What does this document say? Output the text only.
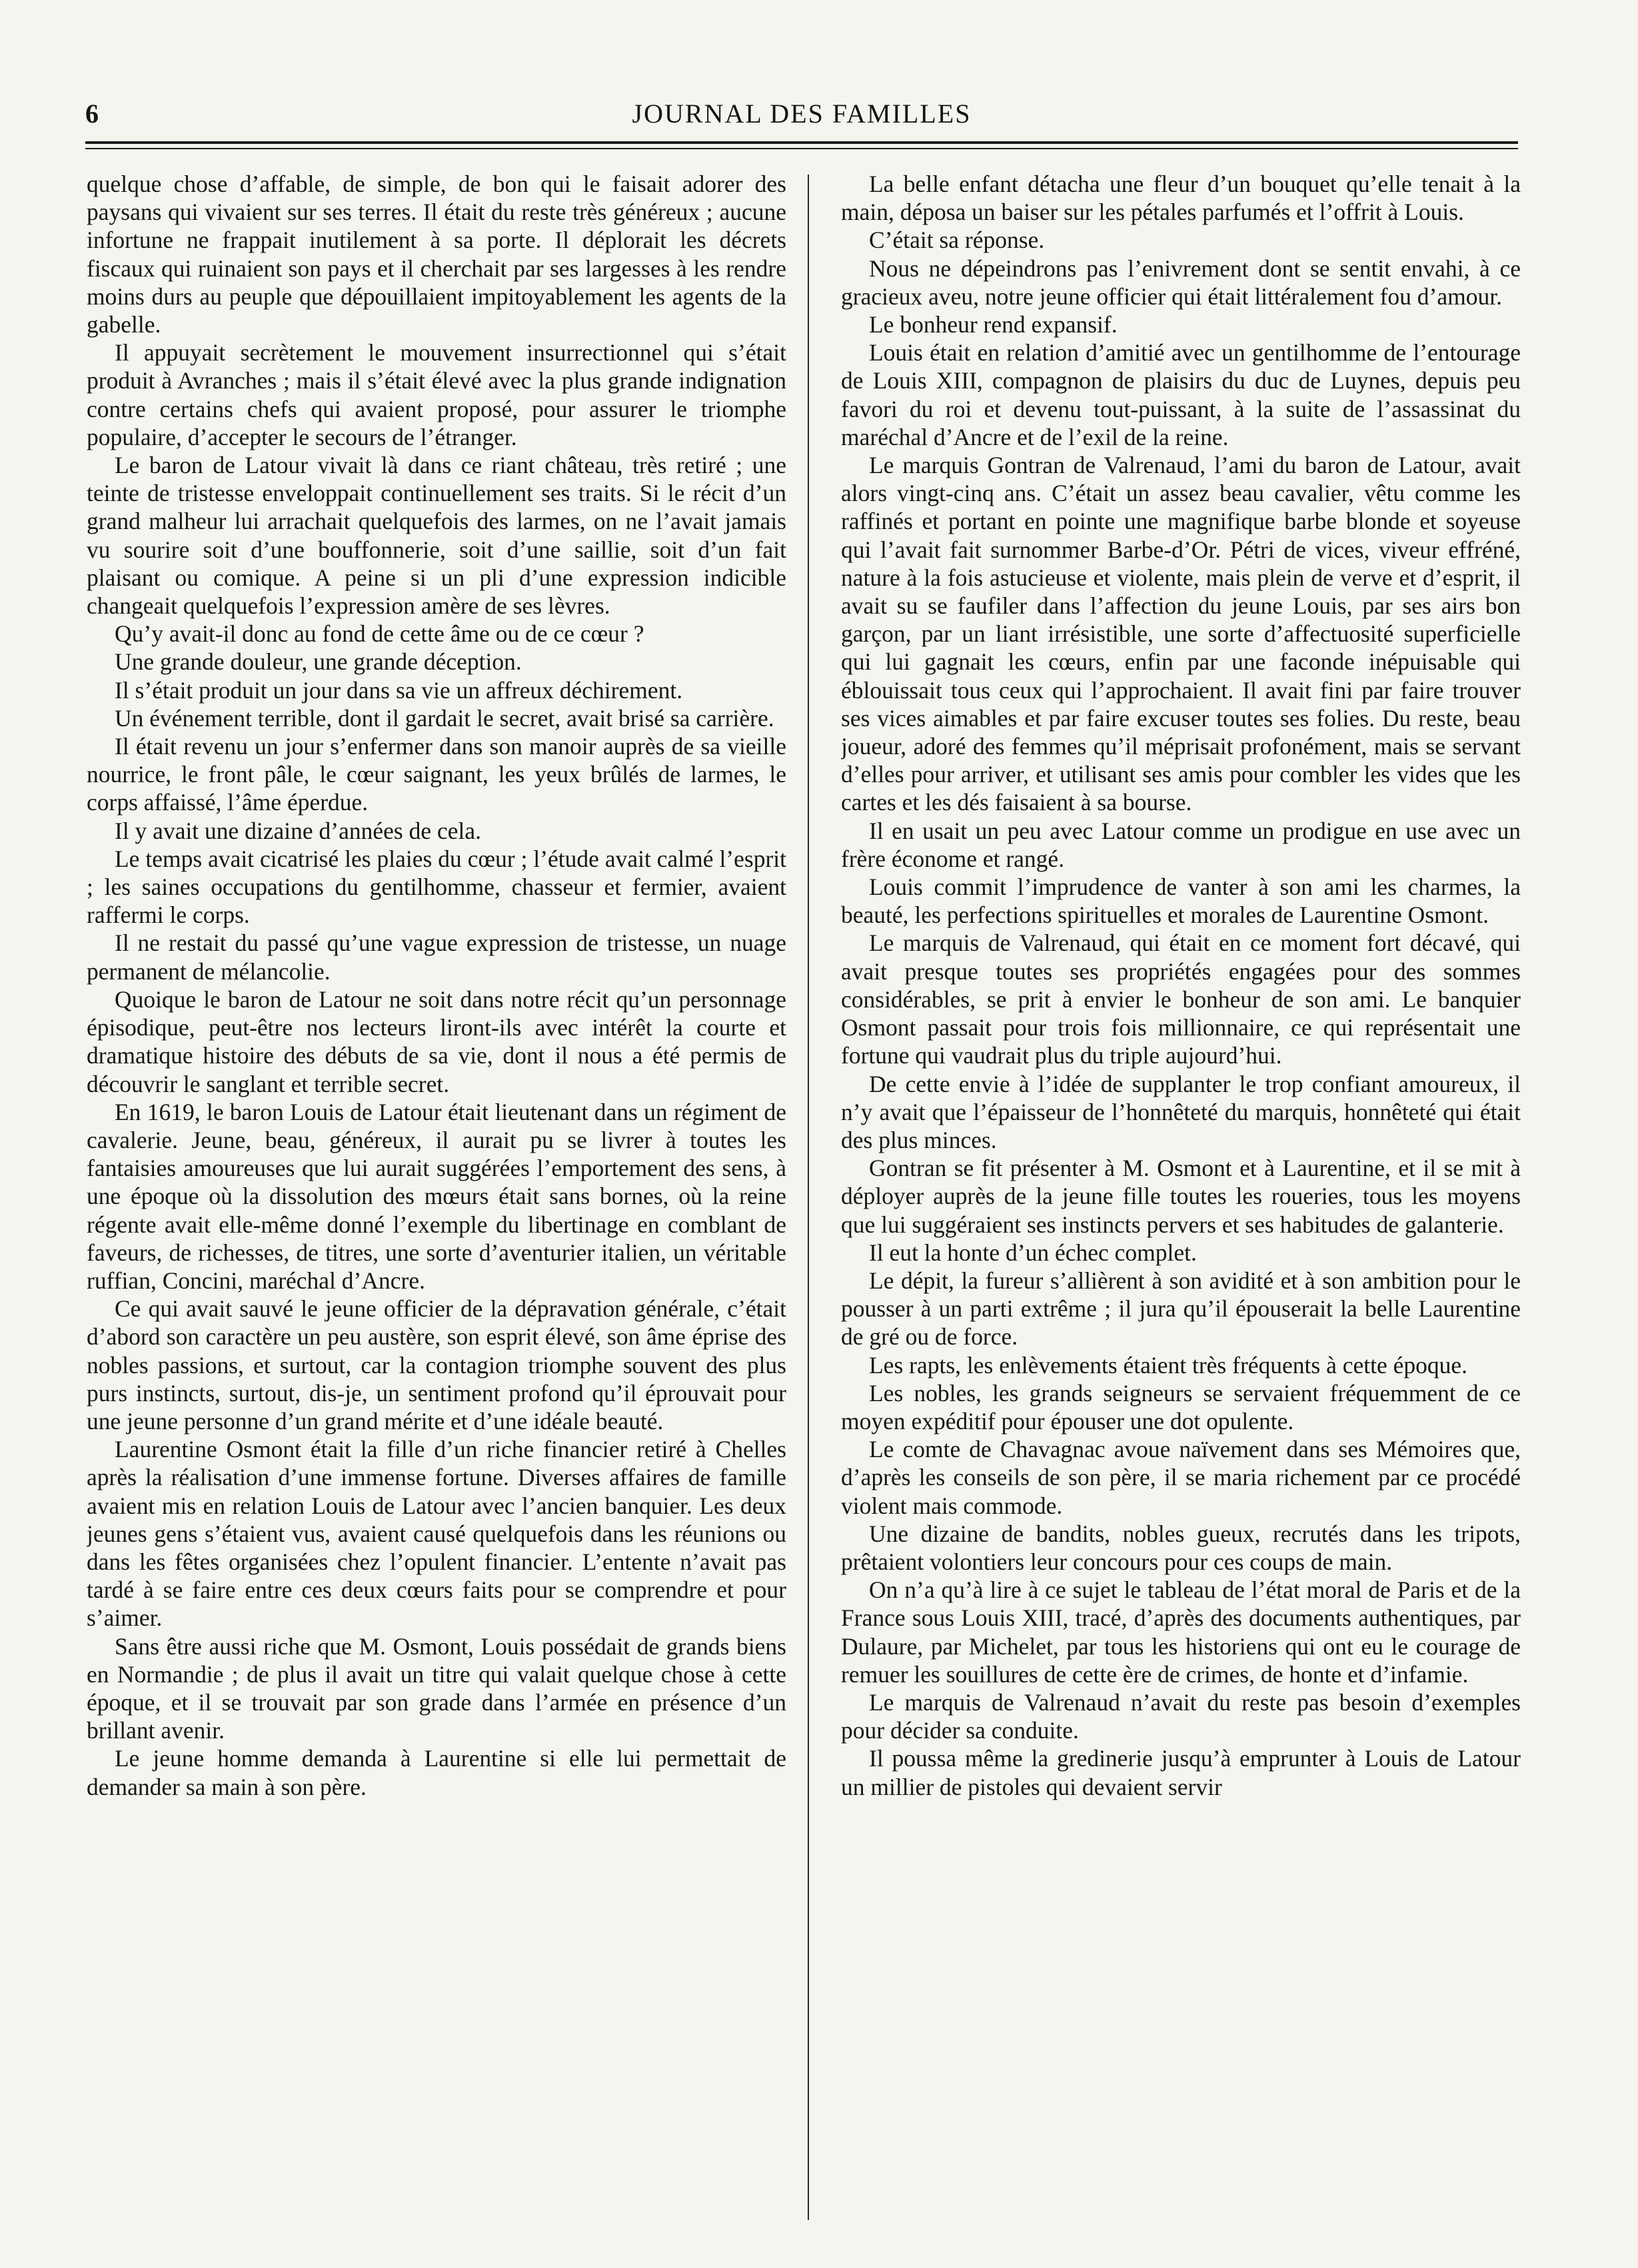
6	JOURNAL DES FAMILLES

quelque chose d’affable, de simple, de bon qui le faisait adorer des paysans qui vivaient sur ses terres. Il était du reste très généreux ; aucune infortune ne frappait inutilement à sa porte. Il déplorait les décrets fiscaux qui ruinaient son pays et il cherchait par ses largesses à les rendre moins durs au peuple que dépouillaient impitoyablement les agents de la gabelle.

Il appuyait secrètement le mouvement insurrectionnel qui s’était produit à Avranches ; mais il s’était élevé avec la plus grande indignation contre certains chefs qui avaient proposé, pour assurer le triomphe populaire, d’accepter le secours de l’étranger.

Le baron de Latour vivait là dans ce riant château, très retiré ; une teinte de tristesse enveloppait continuellement ses traits. Si le récit d’un grand malheur lui arrachait quelquefois des larmes, on ne l’avait jamais vu sourire soit d’une bouffonnerie, soit d’une saillie, soit d’un fait plaisant ou comique. A peine si un pli d’une expression indicible changeait quelquefois l’expression amère de ses lèvres.

Qu’y avait-il donc au fond de cette âme ou de ce cœur ?

Une grande douleur, une grande déception.

Il s’était produit un jour dans sa vie un affreux déchirement.

Un événement terrible, dont il gardait le secret, avait brisé sa carrière.

Il était revenu un jour s’enfermer dans son manoir auprès de sa vieille nourrice, le front pâle, le cœur saignant, les yeux brûlés de larmes, le corps affaissé, l’âme éperdue.

Il y avait une dizaine d’années de cela.

Le temps avait cicatrisé les plaies du cœur ; l’étude avait calmé l’esprit ; les saines occupations du gentilhomme, chasseur et fermier, avaient raffermi le corps.

Il ne restait du passé qu’une vague expression de tristesse, un nuage permanent de mélancolie.

Quoique le baron de Latour ne soit dans notre récit qu’un personnage épisodique, peut-être nos lecteurs liront-ils avec intérêt la courte et dramatique histoire des débuts de sa vie, dont il nous a été permis de découvrir le sanglant et terrible secret.

En 1619, le baron Louis de Latour était lieutenant dans un régiment de cavalerie. Jeune, beau, généreux, il aurait pu se livrer à toutes les fantaisies amoureuses que lui aurait suggérées l’emportement des sens, à une époque où la dissolution des mœurs était sans bornes, où la reine régente avait elle-même donné l’exemple du libertinage en comblant de faveurs, de richesses, de titres, une sorte d’aventurier italien, un véritable ruffian, Concini, maréchal d’Ancre.

Ce qui avait sauvé le jeune officier de la dépravation générale, c’était d’abord son caractère un peu austère, son esprit élevé, son âme éprise des nobles passions, et surtout, car la contagion triomphe souvent des plus purs instincts, surtout, dis-je, un sentiment profond qu’il éprouvait pour une jeune personne d’un grand mérite et d’une idéale beauté.

Laurentine Osmont était la fille d’un riche financier retiré à Chelles après la réalisation d’une immense fortune. Diverses affaires de famille avaient mis en relation Louis de Latour avec l’ancien banquier. Les deux jeunes gens s’étaient vus, avaient causé quelquefois dans les réunions ou dans les fêtes organisées chez l’opulent financier. L’entente n’avait pas tardé à se faire entre ces deux cœurs faits pour se comprendre et pour s’aimer.

Sans être aussi riche que M. Osmont, Louis possédait de grands biens en Normandie ; de plus il avait un titre qui valait quelque chose à cette époque, et il se trouvait par son grade dans l’armée en présence d’un brillant avenir.

Le jeune homme demanda à Laurentine si elle lui permettait de demander sa main à son père.

La belle enfant détacha une fleur d’un bouquet qu’elle tenait à la main, déposa un baiser sur les pétales parfumés et l’offrit à Louis.

C’était sa réponse.

Nous ne dépeindrons pas l’enivrement dont se sentit envahi, à ce gracieux aveu, notre jeune officier qui était littéralement fou d’amour.

Le bonheur rend expansif.

Louis était en relation d’amitié avec un gentilhomme de l’entourage de Louis XIII, compagnon de plaisirs du duc de Luynes, depuis peu favori du roi et devenu tout-puissant, à la suite de l’assassinat du maréchal d’Ancre et de l’exil de la reine.

Le marquis Gontran de Valrenaud, l’ami du baron de Latour, avait alors vingt-cinq ans. C’était un assez beau cavalier, vêtu comme les raffinés et portant en pointe une magnifique barbe blonde et soyeuse qui l’avait fait surnommer Barbe-d’Or. Pétri de vices, viveur effréné, nature à la fois astucieuse et violente, mais plein de verve et d’esprit, il avait su se faufiler dans l’affection du jeune Louis, par ses airs bon garçon, par un liant irrésistible, une sorte d’affectuosité superficielle qui lui gagnait les cœurs, enfin par une faconde inépuisable qui éblouissait tous ceux qui l’approchaient. Il avait fini par faire trouver ses vices aimables et par faire excuser toutes ses folies. Du reste, beau joueur, adoré des femmes qu’il méprisait profonément, mais se servant d’elles pour arriver, et utilisant ses amis pour combler les vides que les cartes et les dés faisaient à sa bourse.

Il en usait un peu avec Latour comme un prodigue en use avec un frère économe et rangé.

Louis commit l’imprudence de vanter à son ami les charmes, la beauté, les perfections spirituelles et morales de Laurentine Osmont.

Le marquis de Valrenaud, qui était en ce moment fort décavé, qui avait presque toutes ses propriétés engagées pour des sommes considérables, se prit à envier le bonheur de son ami. Le banquier Osmont passait pour trois fois millionnaire, ce qui représentait une fortune qui vaudrait plus du triple aujourd’hui.

De cette envie à l’idée de supplanter le trop confiant amoureux, il n’y avait que l’épaisseur de l’honnêteté du marquis, honnêteté qui était des plus minces.

Gontran se fit présenter à M. Osmont et à Laurentine, et il se mit à déployer auprès de la jeune fille toutes les roueries, tous les moyens que lui suggéraient ses instincts pervers et ses habitudes de galanterie.

Il eut la honte d’un échec complet.

Le dépit, la fureur s’allièrent à son avidité et à son ambition pour le pousser à un parti extrême ; il jura qu’il épouserait la belle Laurentine de gré ou de force.

Les rapts, les enlèvements étaient très fréquents à cette époque.

Les nobles, les grands seigneurs se servaient fréquemment de ce moyen expéditif pour épouser une dot opulente.

Le comte de Chavagnac avoue naïvement dans ses Mémoires que, d’après les conseils de son père, il se maria richement par ce procédé violent mais commode.

Une dizaine de bandits, nobles gueux, recrutés dans les tripots, prêtaient volontiers leur concours pour ces coups de main.

On n’a qu’à lire à ce sujet le tableau de l’état moral de Paris et de la France sous Louis XIII, tracé, d’après des documents authentiques, par Dulaure, par Michelet, par tous les historiens qui ont eu le courage de remuer les souillures de cette ère de crimes, de honte et d’infamie.

Le marquis de Valrenaud n’avait du reste pas besoin d’exemples pour décider sa conduite.

Il poussa même la gredinerie jusqu’à emprunter à Louis de Latour un millier de pistoles qui devaient servir
